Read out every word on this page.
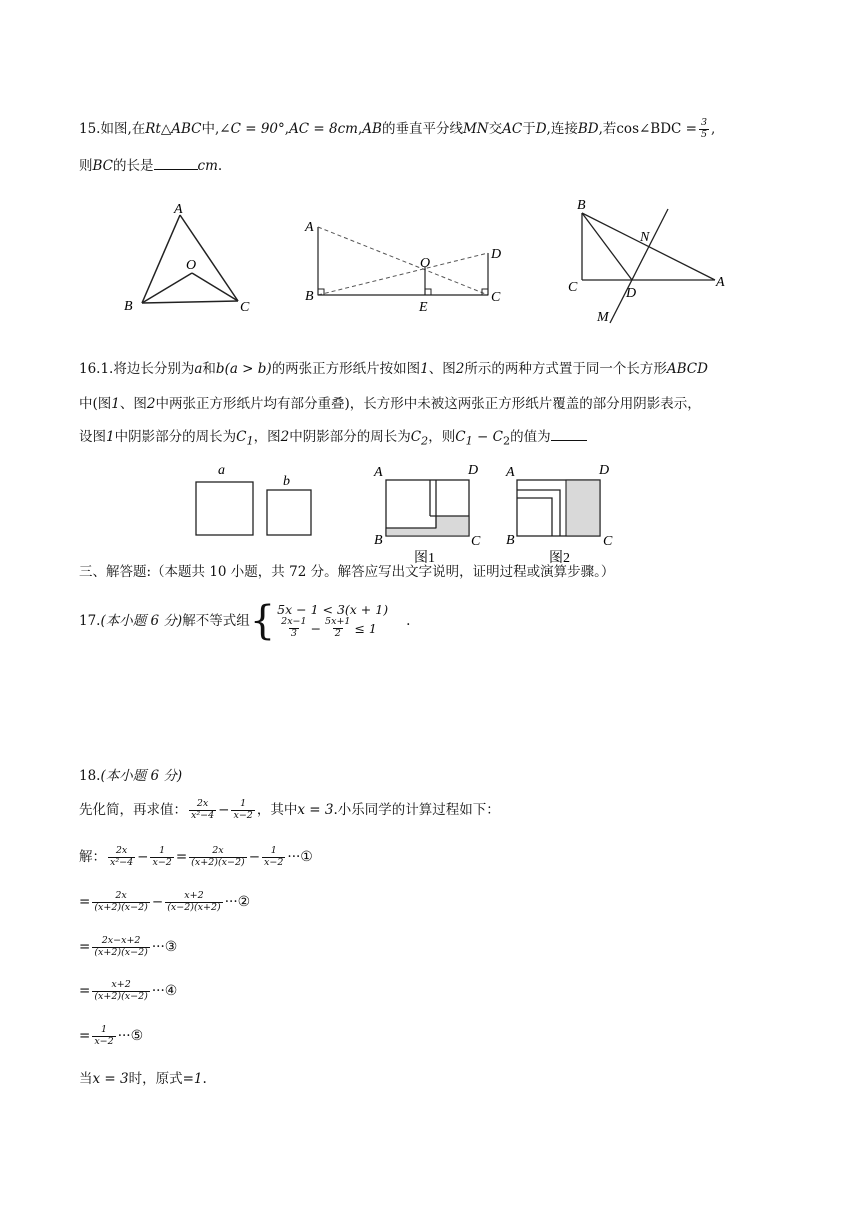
15.如图,在Rt△ABC中,∠C = 90°,AC = 8cm,AB的垂直平分线MN交AC于D,连接BD,若cos∠BDC = $\frac{3}{5}$ ,
则BC的长是	cm.
A
B	C
O
A
B	C
D
O
E
B
N
C	D
A
M
16.1.将边长分别为a和b(a > b)的两张正方形纸片按如图1、图2所示的两种方式置于同一个长方形ABCD
中(图1、图2中两张正方形纸片均有部分重叠)，长方形中未被这两张正方形纸片覆盖的部分用阴影表示，
设图1中阴影部分的周长为$C_1$，图2中阴影部分的周长为$C_2$，则$C_1 - C_2$的值为
a
b
A	D
B	C
图1
A	D
B	C
图2
三、解答题:（本题共 10 小题，共 72 分。解答应写出文字说明，证明过程或演算步骤。）
17. (本小题 6 分) 解不等式组 { 5x − 1 < 3(x + 1)
$\frac{2x-1}{3} - \frac{5x+1}{2} \le 1$ .
18.(本小题 6 分)
先化简，再求值： $\frac{2x}{\text{x²−4}} - \frac{1}{x-2}$ ，其中 x = 3 .小乐同学的计算过程如下：
解： $\frac{2x}{\text{x²−4}} - \frac{1}{x-2} = \frac{2x}{(x+2)(x-2)} - \frac{1}{x-2}$ ··· ①
= $\frac{2x}{(x+2)(x-2)} - \frac{x+2}{(x-2)(x+2)}$ ··· ②
= $\frac{2x-x+2}{(x+2)(x-2)}$ ··· ③
= $\frac{x+2}{(x+2)(x-2)}$ ··· ④
= $\frac{1}{x-2}$ ··· ⑤
当x = 3时，原式=1.
